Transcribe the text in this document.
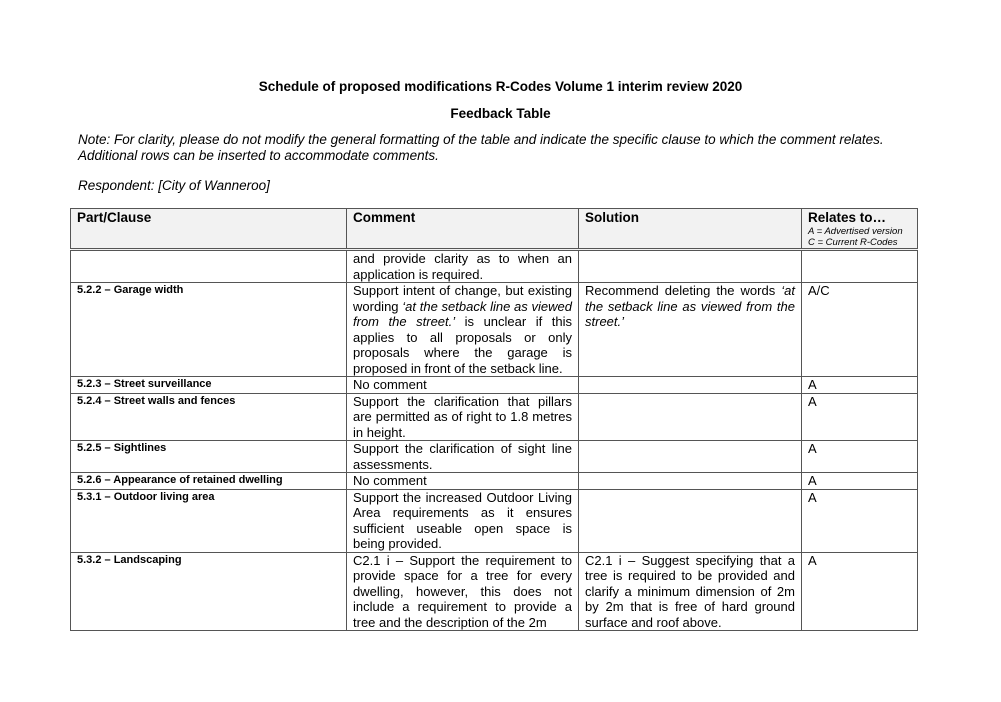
Schedule of proposed modifications R-Codes Volume 1 interim review 2020
Feedback Table
Note: For clarity, please do not modify the general formatting of the table and indicate the specific clause to which the comment relates. Additional rows can be inserted to accommodate comments.
Respondent: [City of Wanneroo]
Part/Clause	Comment	Solution	Relates to…
A = Advertised version
C = Current R-Codes

	and provide clarity as to when an application is required.		
5.2.2 – Garage width	Support intent of change, but existing wording ‘at the setback line as viewed from the street.’ is unclear if this applies to all proposals or only proposals where the garage is proposed in front of the setback line.	Recommend deleting the words ‘at the setback line as viewed from the street.’	A/C
5.2.3 – Street surveillance	No comment		A
5.2.4 – Street walls and fences	Support the clarification that pillars are permitted as of right to 1.8 metres in height.		A
5.2.5 – Sightlines	Support the clarification of sight line assessments.		A
5.2.6 – Appearance of retained dwelling	No comment		A
5.3.1 – Outdoor living area	Support the increased Outdoor Living Area requirements as it ensures sufficient useable open space is being provided.		A
5.3.2 – Landscaping	C2.1 i – Support the requirement to provide space for a tree for every dwelling, however, this does not include a requirement to provide a tree and the description of the 2m	C2.1 i – Suggest specifying that a tree is required to be provided and clarify a minimum dimension of 2m by 2m that is free of hard ground surface and roof above.	A
